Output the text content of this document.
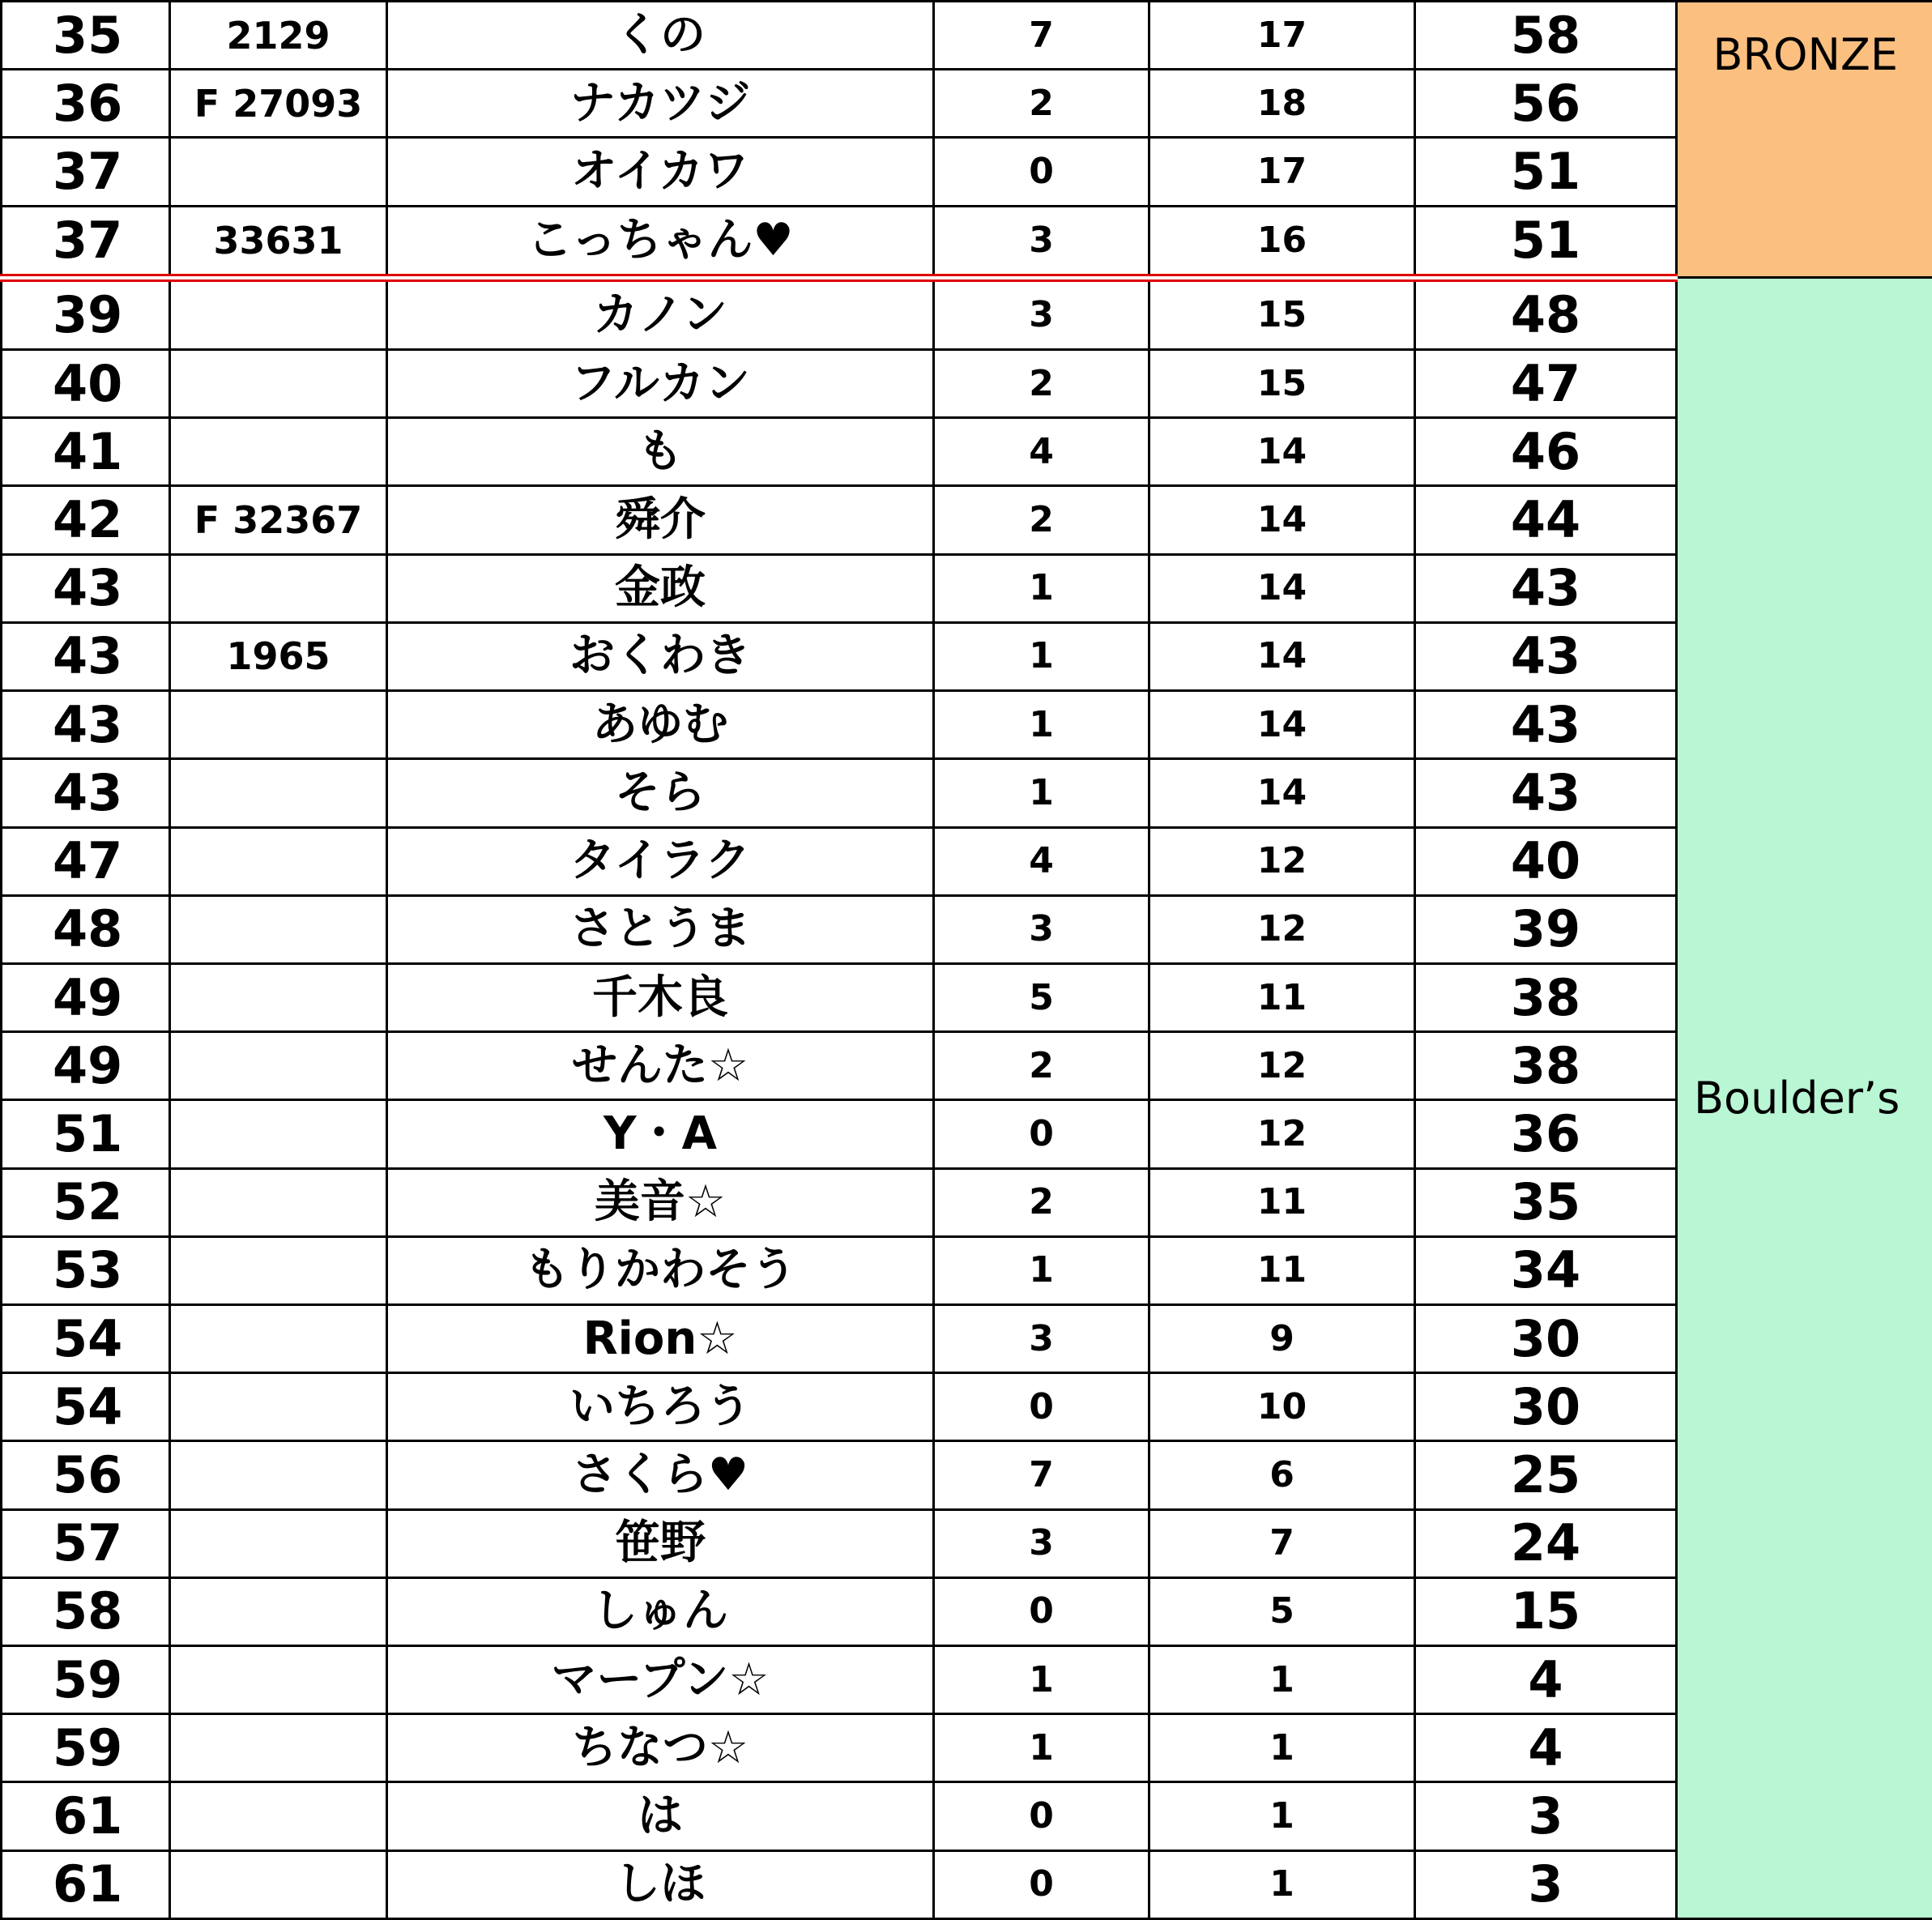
35	2129	くの	7	17	58	BRONZE
36	F 27093	ナカツジ	2	18	56	
37		オイカワ	0	17	51	
37	33631	こっちゃん♥	3	16	51	
39		カノン	3	15	48	Boulder’s
40		フルカン	2	15	47	
41		も	4	14	46	
42	F 32367	舜介	2	14	44	
43		金政	1	14	43	
43	1965	おくわき	1	14	43	
43		あゆむ	1	14	43	
43		そら	1	14	43	
47		タイラク	4	12	40	
48		さとうま	3	12	39	
49		千木良	5	11	38	
49		せんた☆	2	12	38	
51		Y・A	0	12	36	
52		美音☆	2	11	35	
53		もりかわそう	1	11	34	
54		Rion☆	3	9	30	
54		いちろう	0	10	30	
56		さくら♥	7	6	25	
57		笹野	3	7	24	
58		しゅん	0	5	15	
59		マープン☆	1	1	4	
59		ちなつ☆	1	1	4	
61		は	0	1	3	
61		しほ	0	1	3	
